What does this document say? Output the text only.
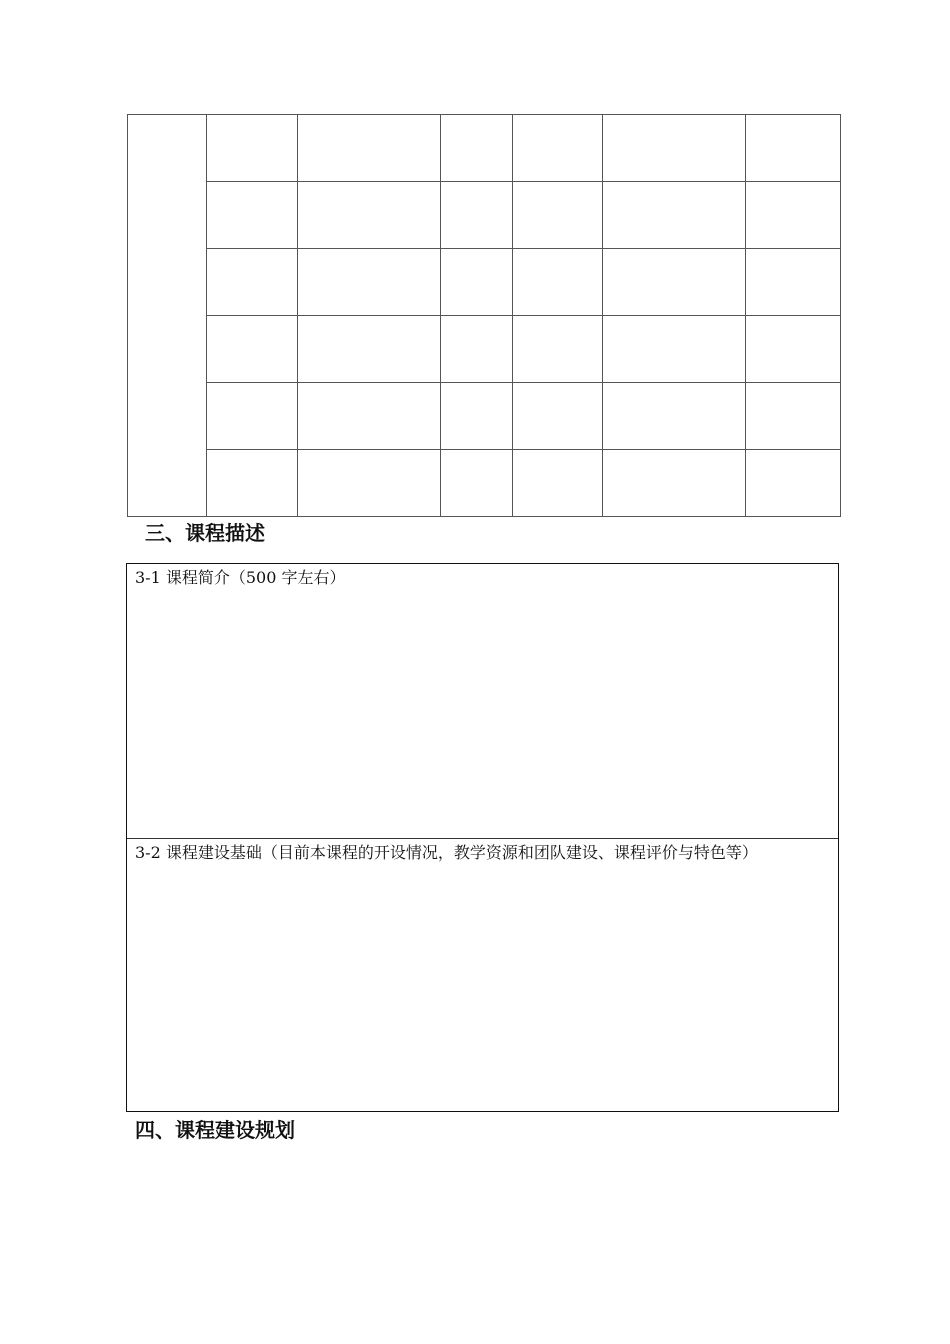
三、课程描述
3-1 课程简介（500 字左右）
3-2 课程建设基础（目前本课程的开设情况，教学资源和团队建设、课程评价与特色等）
四、课程建设规划
